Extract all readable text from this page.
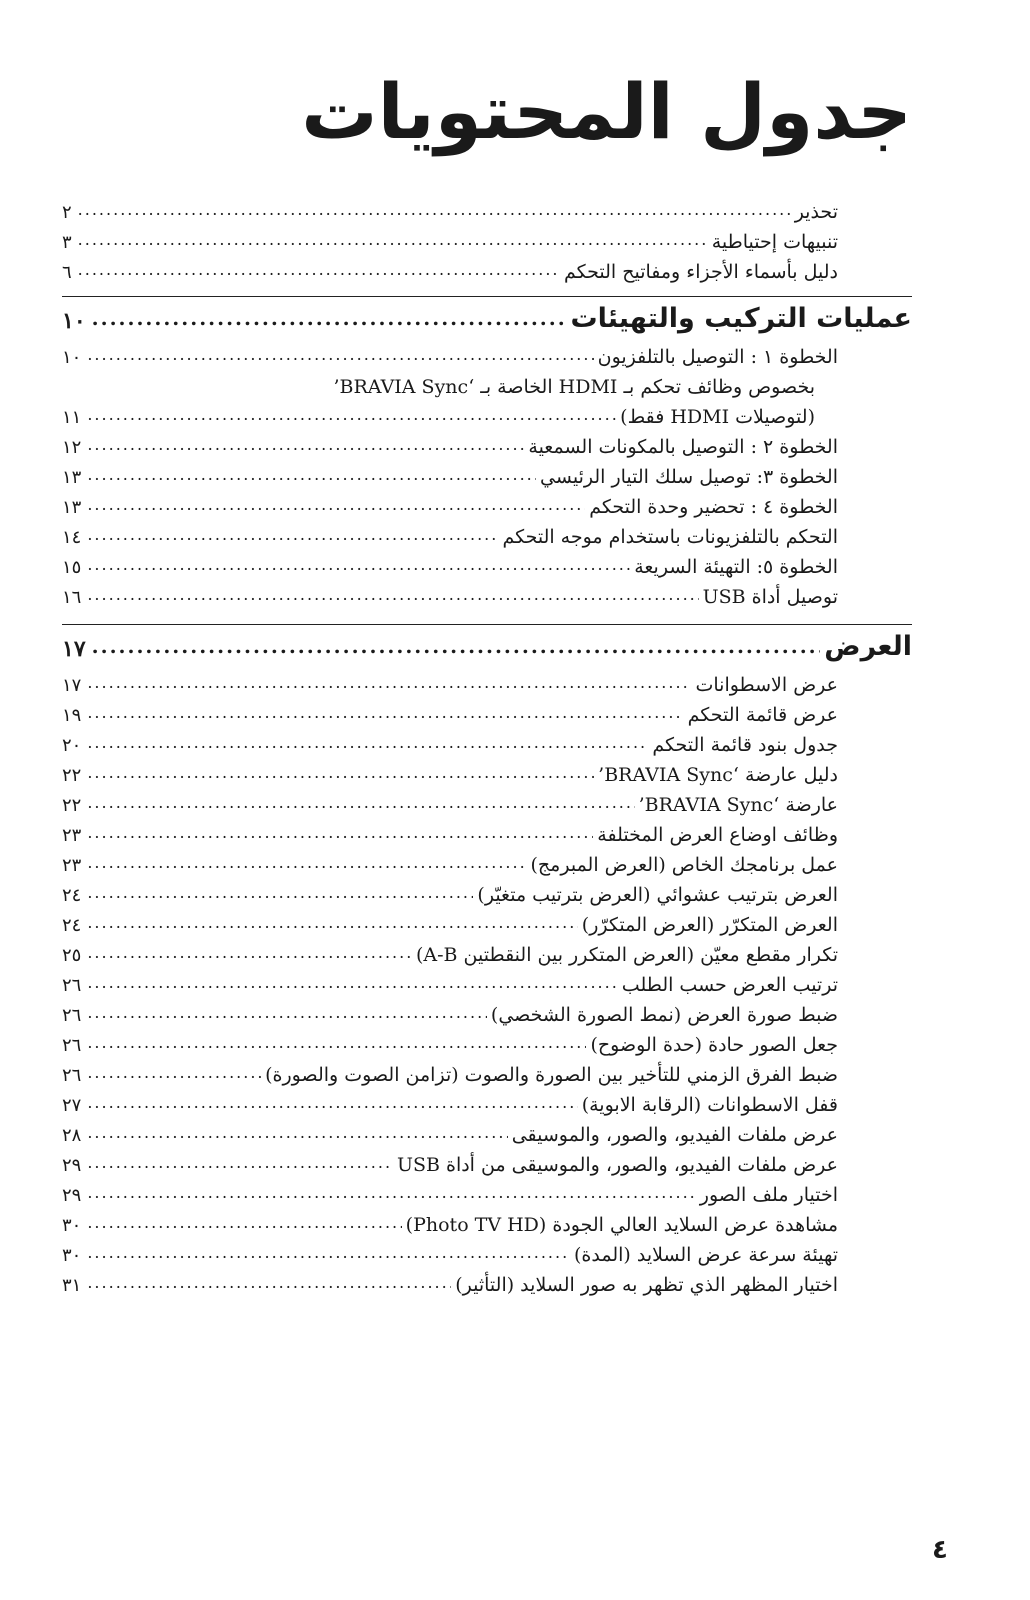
جدول المحتويات
٢ .....	تحذير
٣ .....	تنبيهات إحتياطية
٦ .....	دليل بأسماء الأجزاء ومفاتيح التحكم
١٠ .....	عمليات التركيب والتهيئات
١٠ .....	الخطوة ١ : التوصيل بالتلفزيون
بخصوص وظائف تحكم بـ HDMI الخاصة بـ ‘BRAVIA Sync’
١١ .....	(لتوصيلات HDMI فقط)
١٢ .....	الخطوة ٢ : التوصيل بالمكونات السمعية
١٣ .....	الخطوة ٣: توصيل سلك التيار الرئيسي
١٣ .....	الخطوة ٤ : تحضير وحدة التحكم
١٤ .....	التحكم بالتلفزيونات باستخدام موجه التحكم
١٥ .....	الخطوة ٥: التهيئة السريعة
١٦ .....	توصيل أداة USB
١٧ .....	العرض
١٧ .....	عرض الاسطوانات
١٩ .....	عرض قائمة التحكم
٢٠ .....	جدول بنود قائمة التحكم
٢٢ .....	دليل عارضة ‘BRAVIA Sync’
٢٢ .....	عارضة ‘BRAVIA Sync’
٢٣ .....	وظائف اوضاع العرض المختلفة
٢٣ .....	عمل برنامجك الخاص (العرض المبرمج)
٢٤ .....	العرض بترتيب عشوائي (العرض بترتيب متغيّر)
٢٤ .....	العرض المتكرّر (العرض المتكرّر)
٢٥ .....	تكرار مقطع معيّن (العرض المتكرر بين النقطتين A-B)
٢٦ .....	ترتيب العرض حسب الطلب
٢٦ .....	ضبط صورة العرض (نمط الصورة الشخصي)
٢٦ .....	جعل الصور حادة (حدة الوضوح)
٢٦ .....	ضبط الفرق الزمني للتأخير بين الصورة والصوت (تزامن الصوت والصورة)
٢٧ .....	قفل الاسطوانات (الرقابة الابوية)
٢٨ .....	عرض ملفات الفيديو، والصور، والموسيقى
٢٩ .....	عرض ملفات الفيديو، والصور، والموسيقى من أداة USB
٢٩ .....	اختيار ملف الصور
٣٠ .....	مشاهدة عرض السلايد العالي الجودة (Photo TV HD)
٣٠ .....	تهيئة سرعة عرض السلايد (المدة)
٣١ .....	اختيار المظهر الذي تظهر به صور السلايد (التأثير)
٤
